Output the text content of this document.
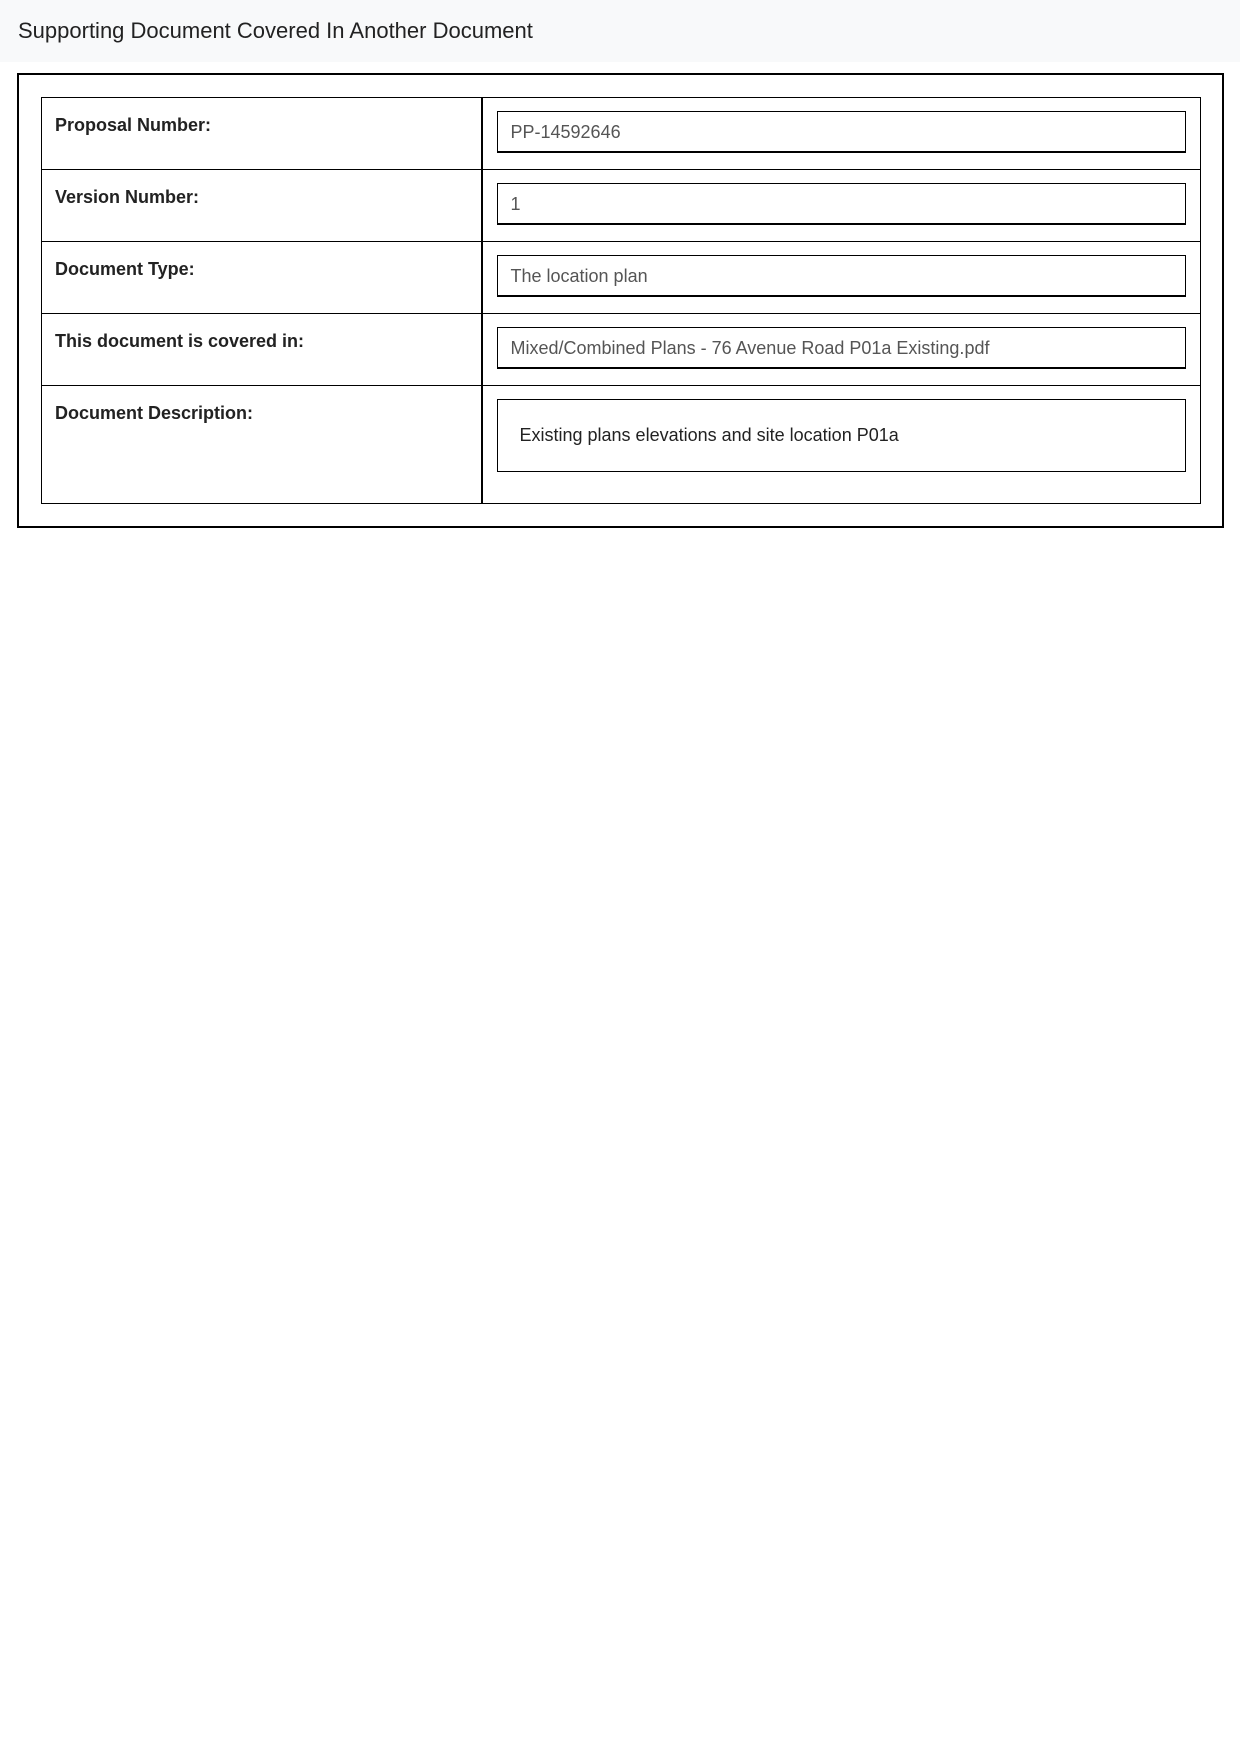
Supporting Document Covered In Another Document
Proposal Number:	PP-14592646

Version Number:	1

Document Type:	The location plan

This document is covered in:	Mixed/Combined Plans - 76 Avenue Road P01a Existing.pdf

Document Description:	Existing plans elevations and site location P01a
